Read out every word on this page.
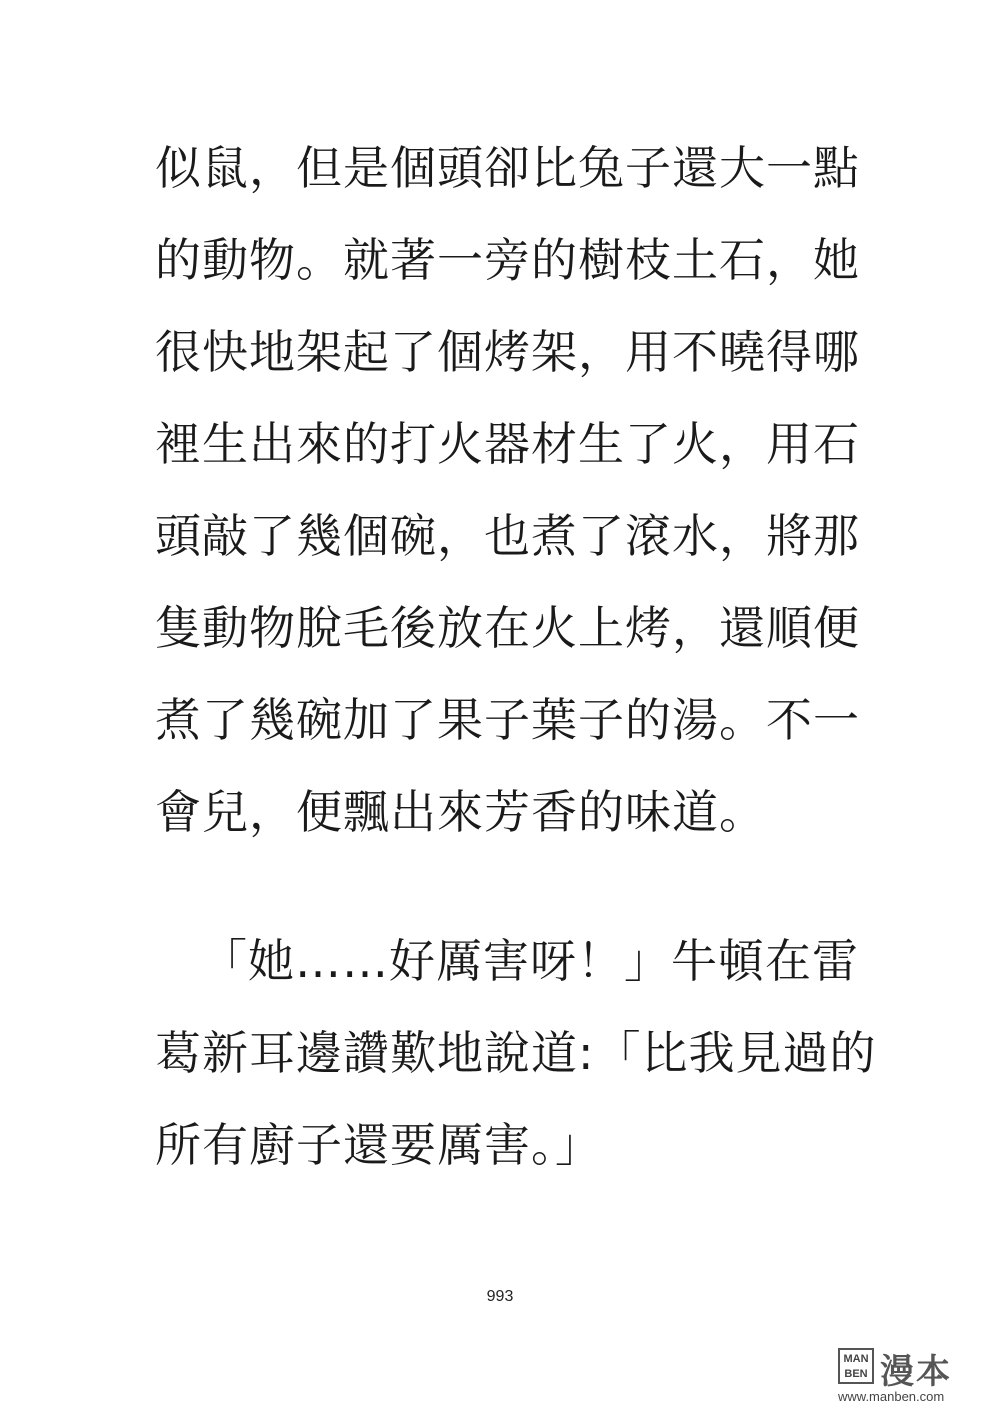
似鼠，但是個頭卻比兔子還大一點
的動物。就著一旁的樹枝土石，她
很快地架起了個烤架，用不曉得哪
裡生出來的打火器材生了火，用石
頭敲了幾個碗，也煮了滾水，將那
隻動物脫毛後放在火上烤，還順便
煮了幾碗加了果子葉子的湯。不一
會兒，便飄出來芳香的味道。
「她……好厲害呀！」牛頓在雷
葛新耳邊讚歎地說道:「比我見過的
所有廚子還要厲害。」
993
MAN
BEN 漫本
www.manben.com
